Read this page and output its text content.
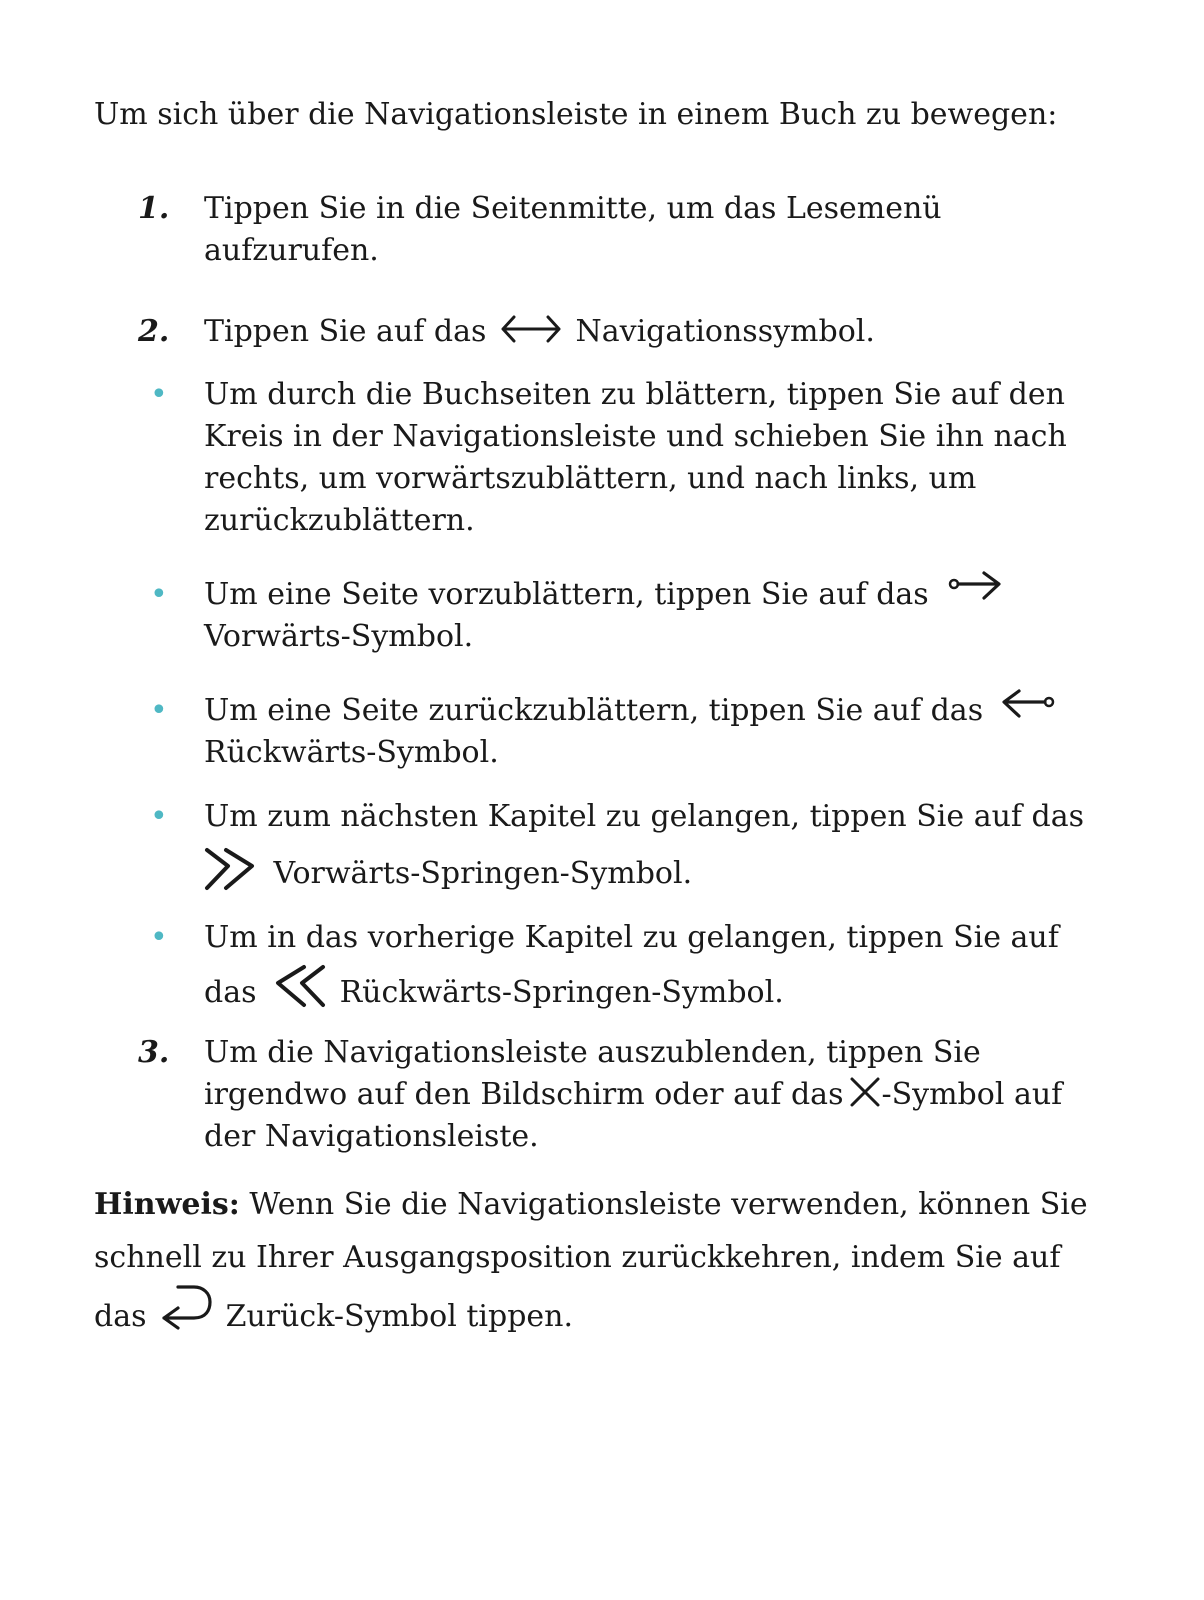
Um sich über die Navigationsleiste in einem Buch zu bewegen:
1. Tippen Sie in die Seitenmitte, um das Lesemenü
aufzurufen.
2. Tippen Sie auf das	Navigationssymbol.
• Um durch die Buchseiten zu blättern, tippen Sie auf den
Kreis in der Navigationsleiste und schieben Sie ihn nach
rechts, um vorwärtszublättern, und nach links, um
zurückzublättern.
• Um eine Seite vorzublättern, tippen Sie auf das
Vorwärts-Symbol.
• Um eine Seite zurückzublättern, tippen Sie auf das
Rückwärts-Symbol.
• Um zum nächsten Kapitel zu gelangen, tippen Sie auf das
Vorwärts-Springen-Symbol.
• Um in das vorherige Kapitel zu gelangen, tippen Sie auf
das	Rückwärts-Springen-Symbol.
3. Um die Navigationsleiste auszublenden, tippen Sie
irgendwo auf den Bildschirm oder auf das -Symbol auf
der Navigationsleiste.
Hinweis: Wenn Sie die Navigationsleiste verwenden, können Sie
schnell zu Ihrer Ausgangsposition zurückkehren, indem Sie auf
das	Zurück-Symbol tippen.
